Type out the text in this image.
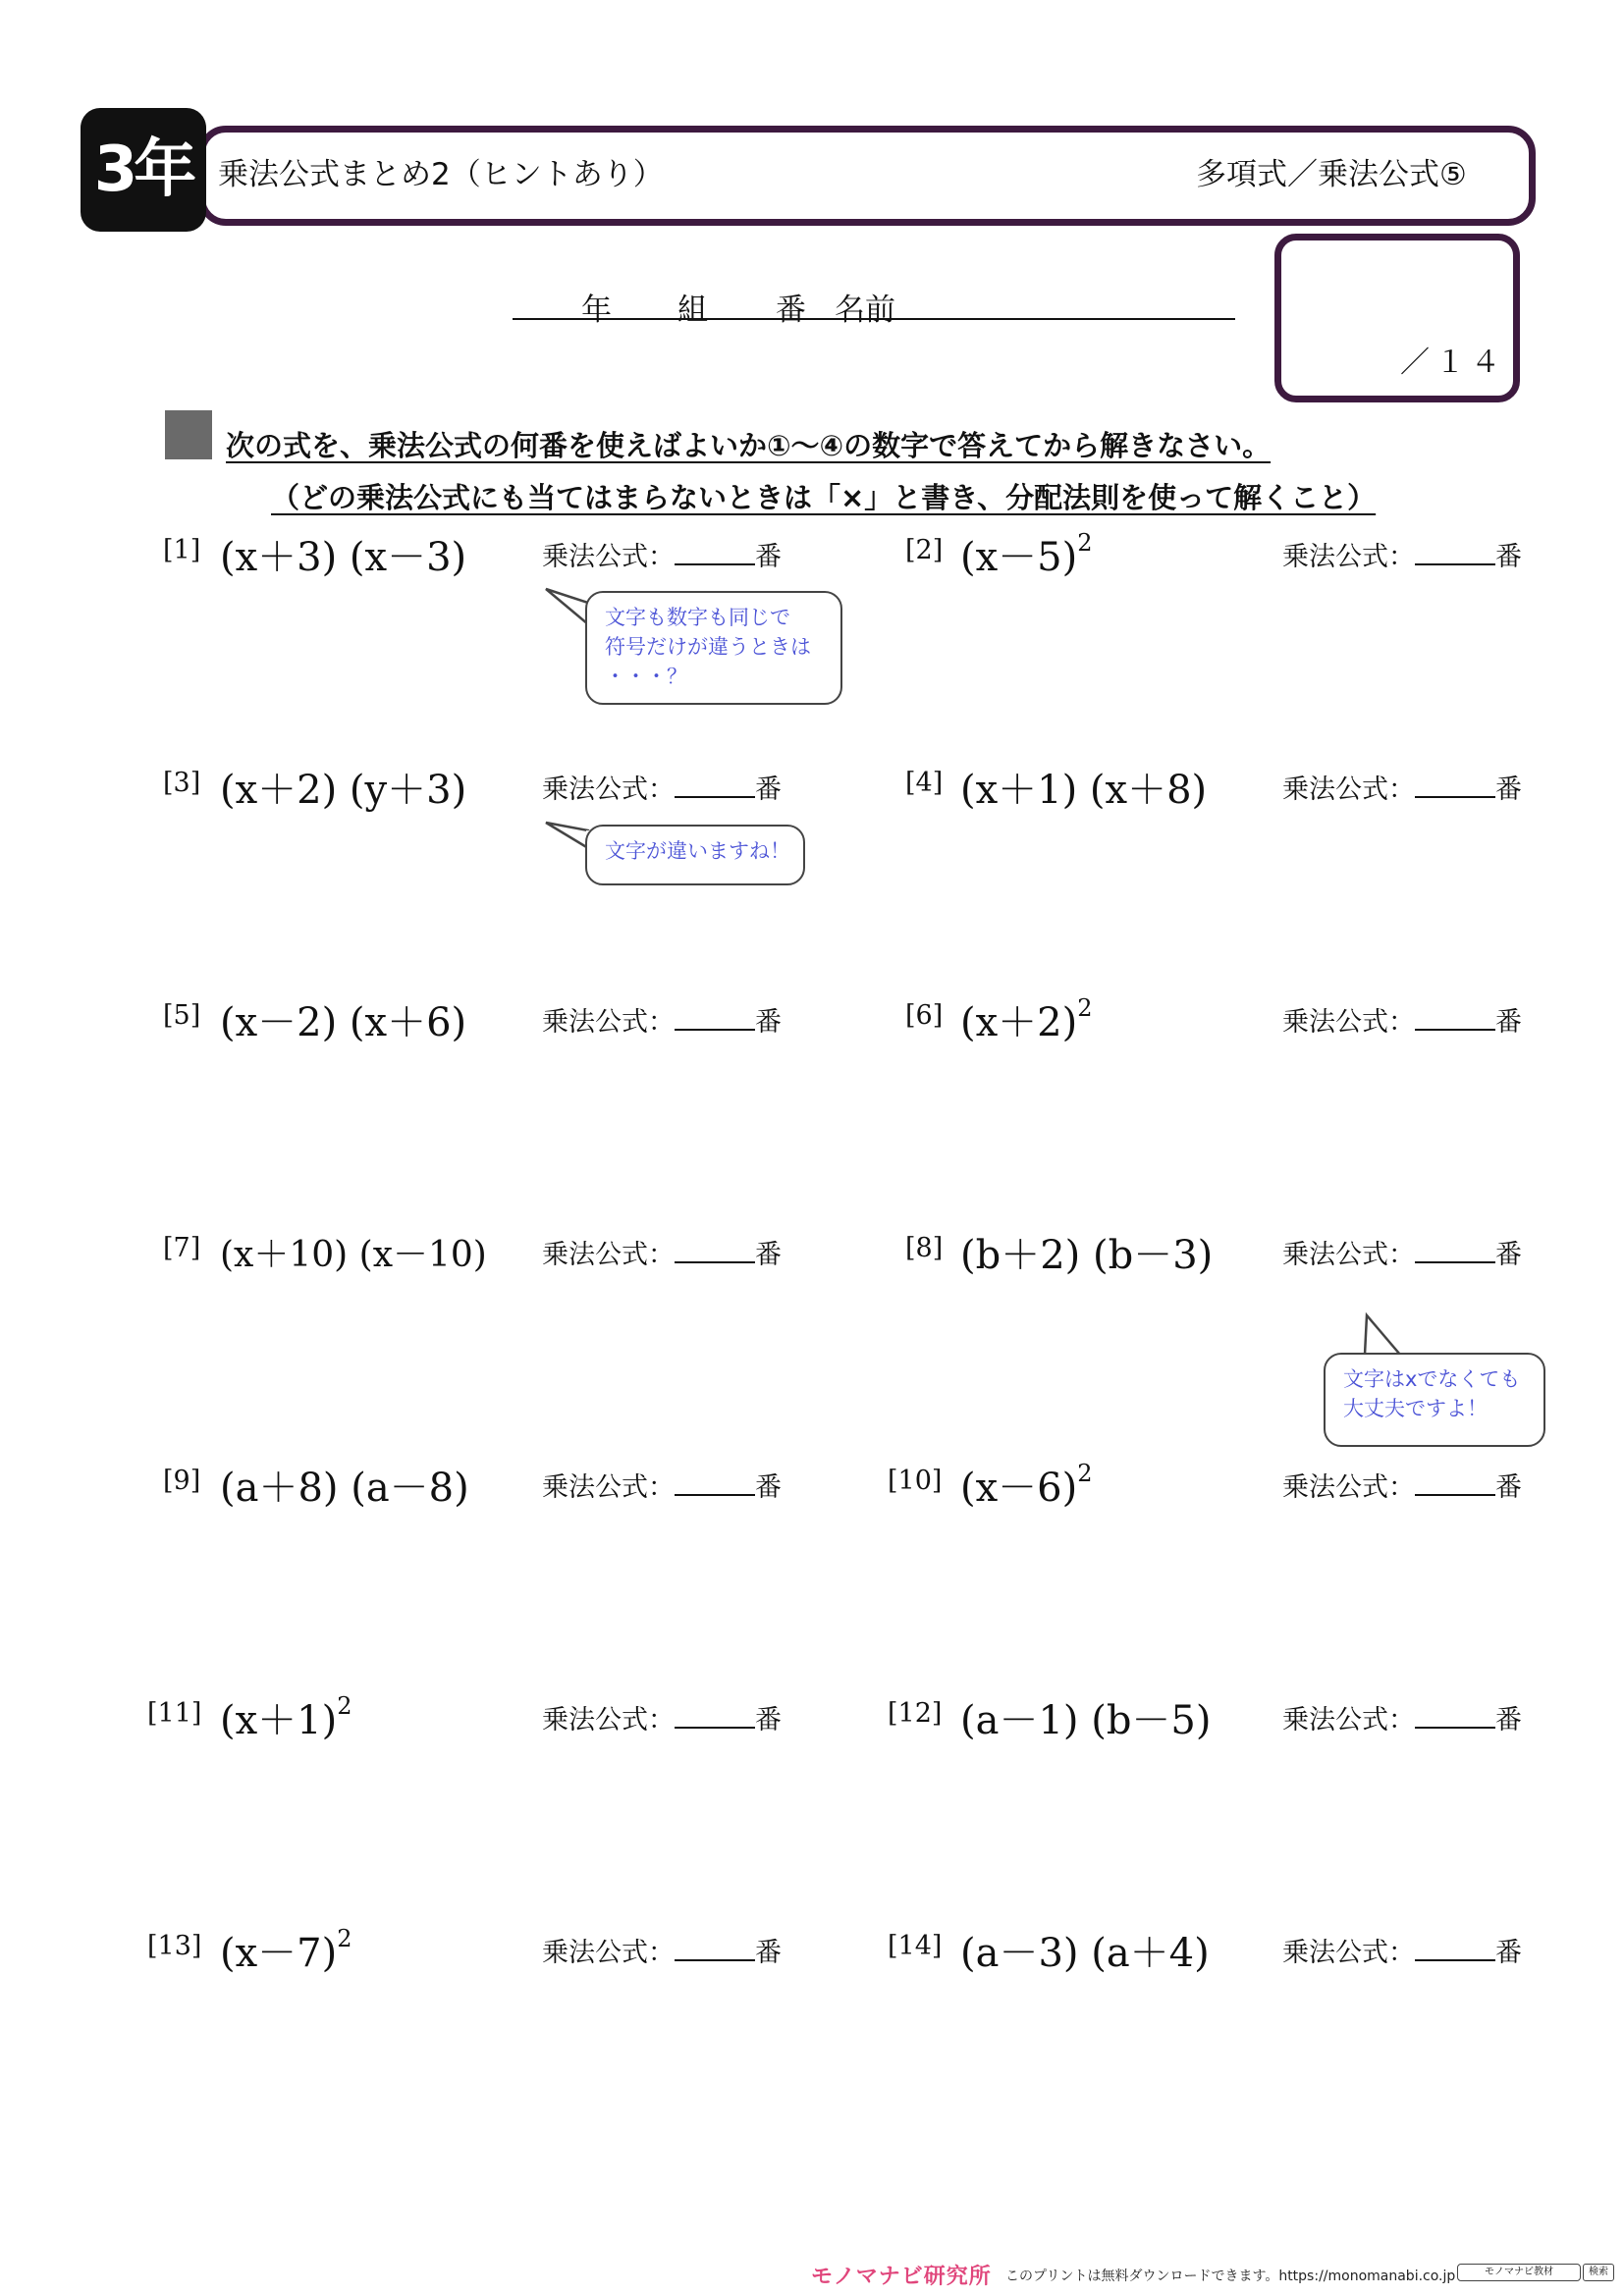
3年 乗法公式まとめ2（ヒントあり）	多項式／乗法公式⑤
年 組 番 名前
／１４
次の式を、乗法公式の何番を使えばよいか①～④の数字で答えてから解きなさい。
（どの乗法公式にも当てはまらないときは「×」と書き、分配法則を使って解くこと）
[1] (x＋3) (x－3)	乗法公式：	番
[3] (x＋2) (y＋3)	乗法公式：	番
[5] (x－2) (x＋6)	乗法公式：	番
[7] (x＋10) (x－10) 乗法公式：	番
[9] (a＋8) (a－8)	乗法公式：	番
[11] $(x+1)^2$	乗法公式：	番
[13] $(x-7)^2$	乗法公式：	番
[2] $(x-5)^2$	乗法公式：	番
[4] (x＋1) (x＋8)	乗法公式：	番
[6] $(x+2)^2$	乗法公式：	番
[8] (b＋2) (b－3)	乗法公式：	番
[10] $(x-6)^2$	乗法公式：	番
[12] (a－1) (b－5)	乗法公式：	番
[14] (a－3) (a＋4)	乗法公式：	番
文字も数字も同じで
符号だけが違うときは
・・・？
文字が違いますね！
文字はxでなくても
大丈夫ですよ！
モノマナビ研究所 このプリントは無料ダウンロードできます。https://monomanabi.co.jp	モノマナビ教材	検索
